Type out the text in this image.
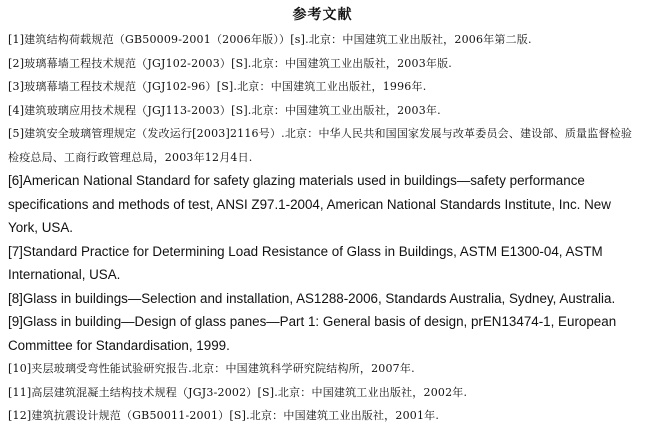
参考文献
[1]建筑结构荷载规范（GB50009-2001（2006年版））[s].北京：中国建筑工业出版社，2006年第二版.
[2]玻璃幕墙工程技术规范（JGJ102-2003）[S].北京：中国建筑工业出版社，2003年版.
[3]玻璃幕墙工程技术规范（JGJ102-96）[S].北京：中国建筑工业出版社，1996年.
[4]建筑玻璃应用技术规程（JGJ113-2003）[S].北京：中国建筑工业出版社，2003年.
[5]建筑安全玻璃管理规定（发改运行[2003]2116号）.北京：中华人民共和国国家发展与改革委员会、建设部、质量监督检验检疫总局、工商行政管理总局，2003年12月4日.
[6]American National Standard for safety glazing materials used in buildings—safety performance specifications and methods of test, ANSI Z97.1-2004, American National Standards Institute, Inc. New York, USA.
[7]Standard Practice for Determining Load Resistance of Glass in Buildings, ASTM E1300-04, ASTM International, USA.
[8]Glass in buildings—Selection and installation, AS1288-2006, Standards Australia, Sydney, Australia.
[9]Glass in building—Design of glass panes—Part 1: General basis of design, prEN13474-1, European Committee for Standardisation, 1999.
[10]夹层玻璃受弯性能试验研究报告.北京：中国建筑科学研究院结构所，2007年.
[11]高层建筑混凝土结构技术规程（JGJ3-2002）[S].北京：中国建筑工业出版社，2002年.
[12]建筑抗震设计规范（GB50011-2001）[S].北京：中国建筑工业出版社，2001年.
